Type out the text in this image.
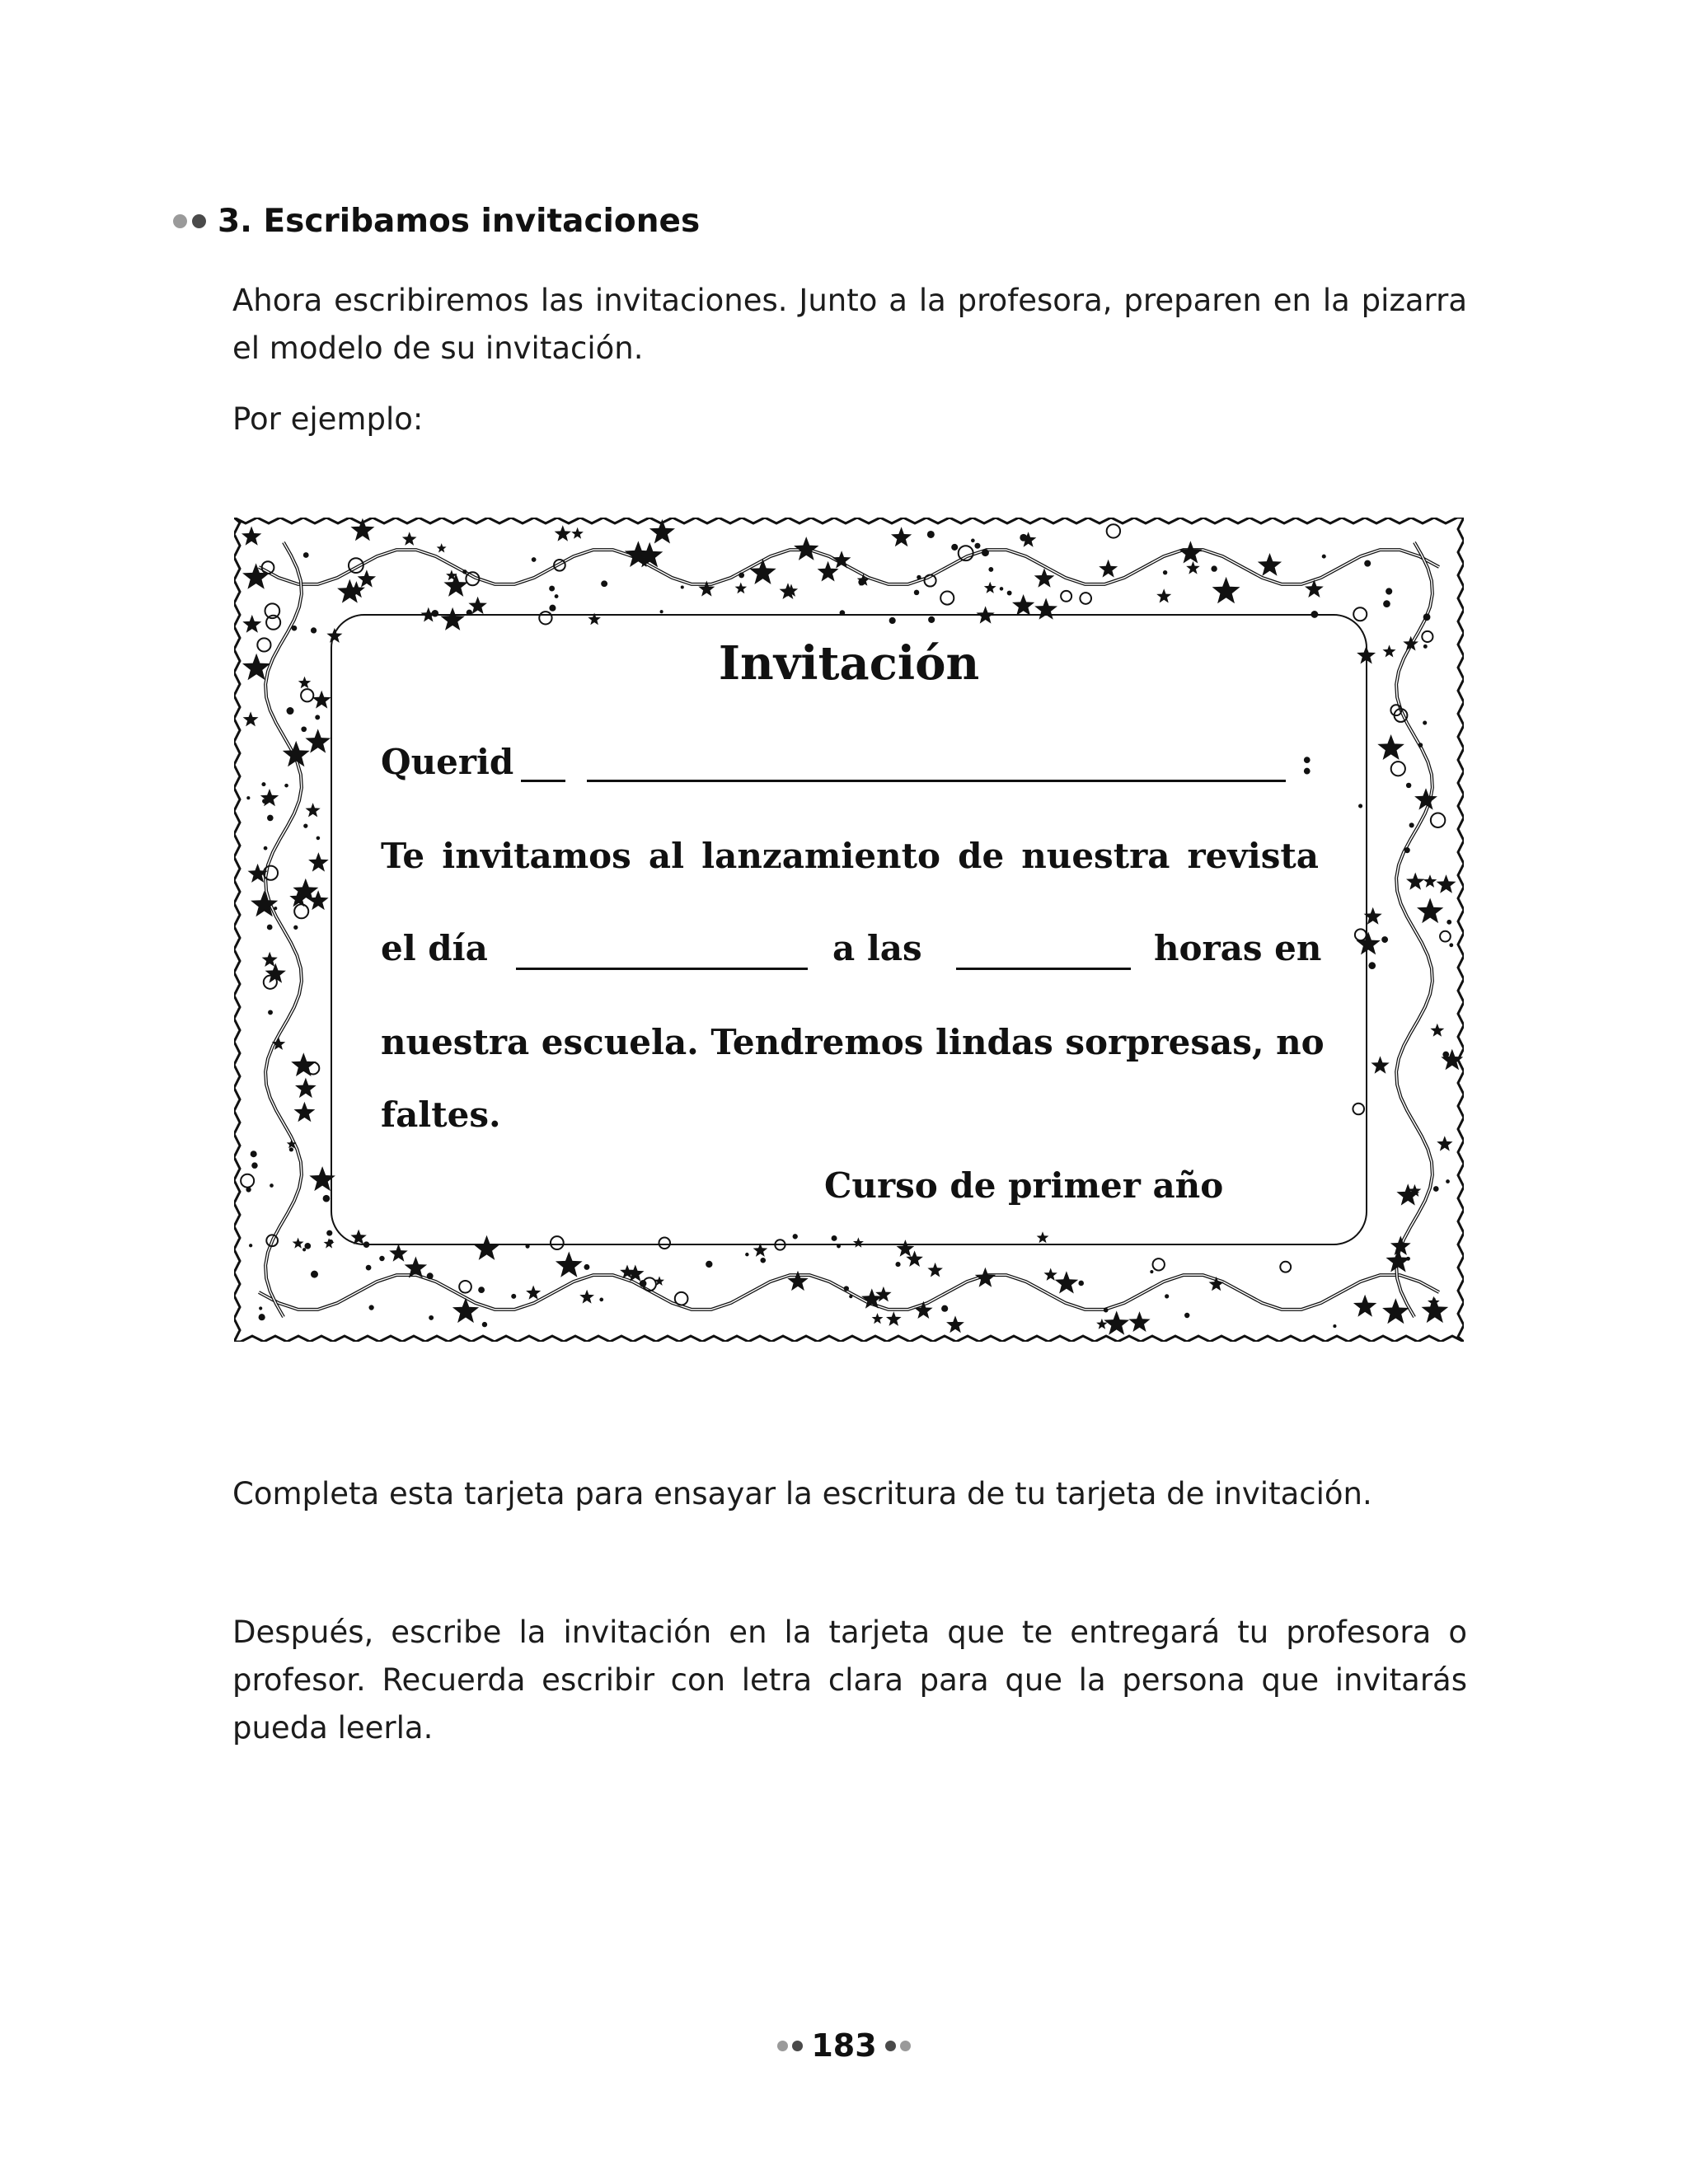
3. Escribamos invitaciones

Ahora escribiremos las invitaciones. Junto a la profesora, preparen en la pizarra el modelo de su invitación.

Por ejemplo:

Invitación
Querid	:
Te invitamos al lanzamiento de nuestra revista
el día	a las	horas en
nuestra escuela. Tendremos lindas sorpresas, no
faltes.
Curso de primer año

Completa esta tarjeta para ensayar la escritura de tu tarjeta de invitación.

Después, escribe la invitación en la tarjeta que te entregará tu profesora o profesor. Recuerda escribir con letra clara para que la persona que invitarás pueda leerla.

183
